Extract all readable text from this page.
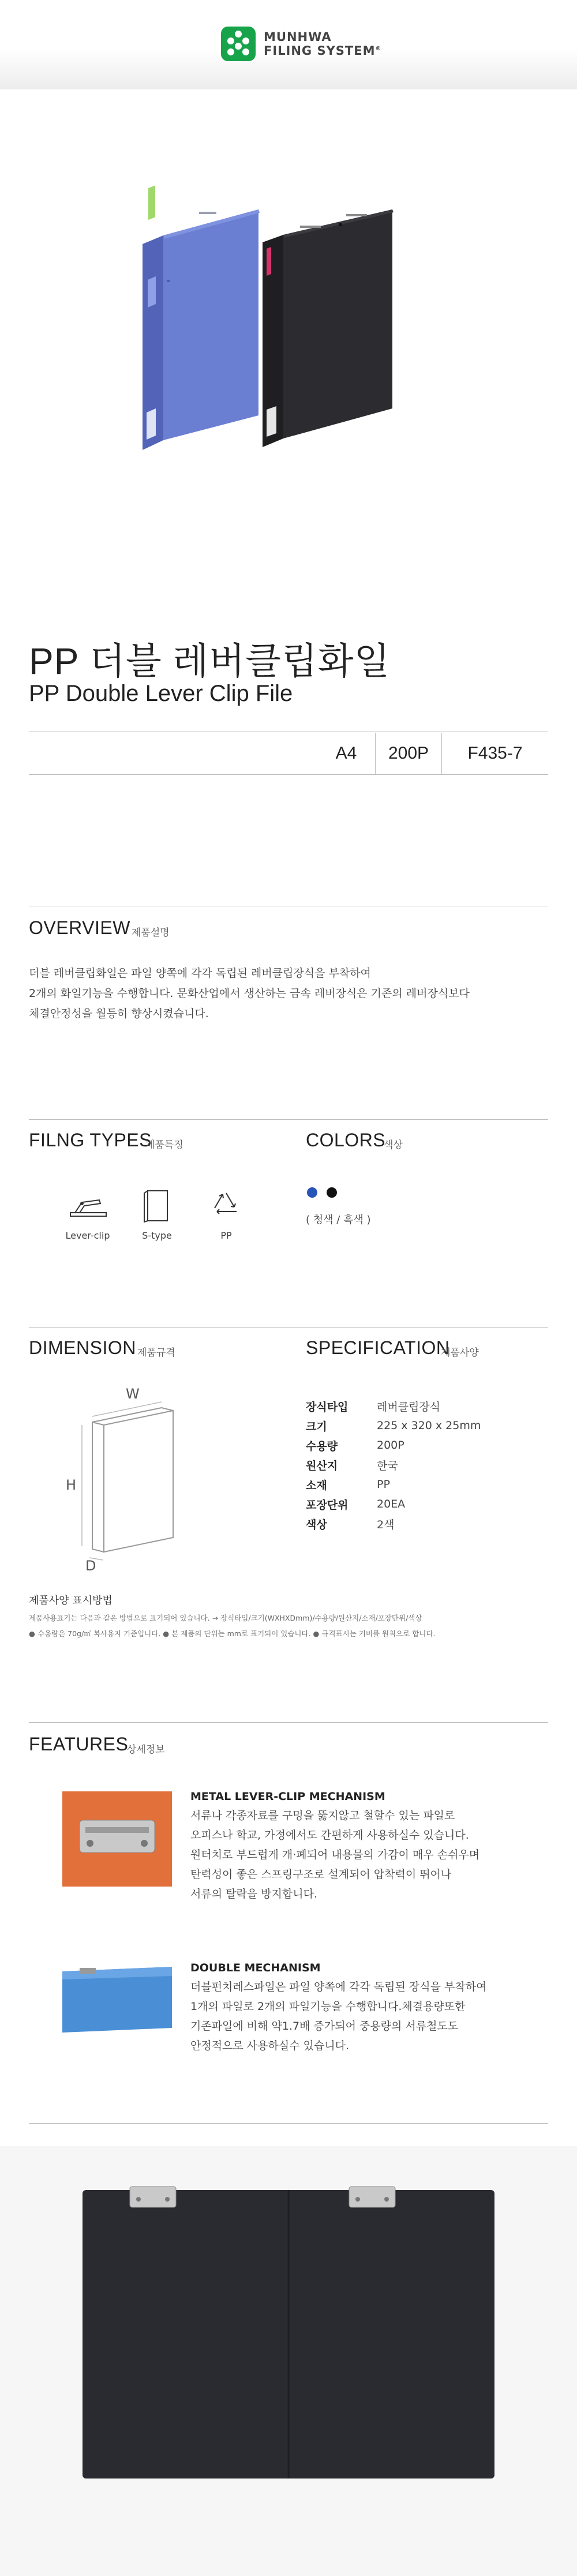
MUNHWA
FILING SYSTEM®
PP 더블 레버클립화일
PP Double Lever Clip File
A4	200P	F435-7
OVERVIEW 제품설명
더블 레버클립화일은 파일 양쪽에 각각 독립된 레버클립장식을 부착하여
2개의 화일기능을 수행합니다. 문화산업에서 생산하는 금속 레버장식은 기존의 레버장식보다
체결안정성을 월등히 향상시켰습니다.
FILNG TYPES
제품특징
Lever-clip	S-type	PP
COLORS
색상
( 청색 / 흑색 )
DIMENSION 제품규격
W
H
D
SPECIFICATION
제품사양
장식타입	레버클립장식
크기	225 x 320 x 25mm
수용량	200P
원산지	한국
소재	PP
포장단위	20EA
색상	2색
제품사양 표시방법
제품사용표기는 다음과 같은 방법으로 표기되어 있습니다. → 장식타입/크기(WXHXDmm)/수용량/원산지/소재/포장단위/색상
● 수용량은 70g/㎡ 복사용지 기준입니다. ● 본 제품의 단위는 mm로 표기되어 있습니다. ● 규격표시는 커버를 원칙으로 합니다.
FEATURES
상세정보
METAL LEVER-CLIP MECHANISM
서류나 각종자료를 구멍을 뚫지않고 철할수 있는 파일로
오피스나 학교, 가정에서도 간편하게 사용하실수 있습니다.
원터치로 부드럽게 개·폐되어 내용물의 가감이 매우 손쉬우며
탄력성이 좋은 스프링구조로 설계되어 압착력이 뛰어나
서류의 탈락을 방지합니다.
DOUBLE MECHANISM
더블펀치레스파일은 파일 양쪽에 각각 독립된 장식을 부착하여
1개의 파일로 2개의 파일기능을 수행합니다.체결용량또한
기존파일에 비해 약1.7배 증가되어 중용량의 서류철도도
안정적으로 사용하실수 있습니다.
